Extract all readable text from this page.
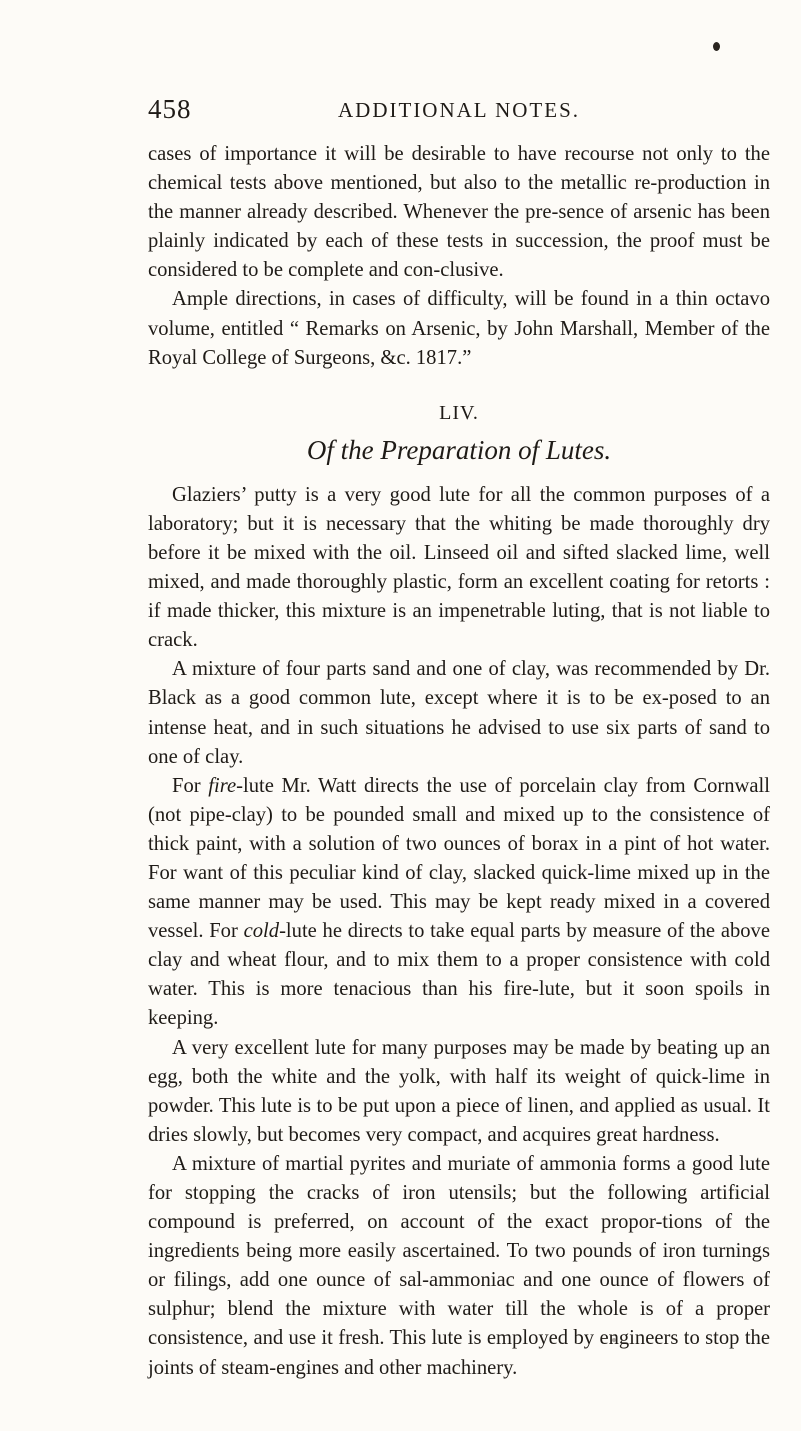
458	ADDITIONAL NOTES.

cases of importance it will be desirable to have recourse not only to the chemical tests above mentioned, but also to the metallic re-production in the manner already described. Whenever the pre-sence of arsenic has been plainly indicated by each of these tests in succession, the proof must be considered to be complete and con-clusive.

Ample directions, in cases of difficulty, will be found in a thin octavo volume, entitled “ Remarks on Arsenic, by John Marshall, Member of the Royal College of Surgeons, &c. 1817.”

LIV.
Of the Preparation of Lutes.

Glaziers’ putty is a very good lute for all the common purposes of a laboratory; but it is necessary that the whiting be made thoroughly dry before it be mixed with the oil. Linseed oil and sifted slacked lime, well mixed, and made thoroughly plastic, form an excellent coating for retorts : if made thicker, this mixture is an impenetrable luting, that is not liable to crack.

A mixture of four parts sand and one of clay, was recommended by Dr. Black as a good common lute, except where it is to be ex-posed to an intense heat, and in such situations he advised to use six parts of sand to one of clay.

For fire-lute Mr. Watt directs the use of porcelain clay from Cornwall (not pipe-clay) to be pounded small and mixed up to the consistence of thick paint, with a solution of two ounces of borax in a pint of hot water. For want of this peculiar kind of clay, slacked quick-lime mixed up in the same manner may be used. This may be kept ready mixed in a covered vessel. For cold-lute he directs to take equal parts by measure of the above clay and wheat flour, and to mix them to a proper consistence with cold water. This is more tenacious than his fire-lute, but it soon spoils in keeping.

A very excellent lute for many purposes may be made by beating up an egg, both the white and the yolk, with half its weight of quick-lime in powder. This lute is to be put upon a piece of linen, and applied as usual. It dries slowly, but becomes very compact, and acquires great hardness.

A mixture of martial pyrites and muriate of ammonia forms a good lute for stopping the cracks of iron utensils; but the following artificial compound is preferred, on account of the exact propor-tions of the ingredients being more easily ascertained. To two pounds of iron turnings or filings, add one ounce of sal-ammoniac and one ounce of flowers of sulphur; blend the mixture with water till the whole is of a proper consistence, and use it fresh. This lute is employed by engineers to stop the joints of steam-engines and other machinery.
